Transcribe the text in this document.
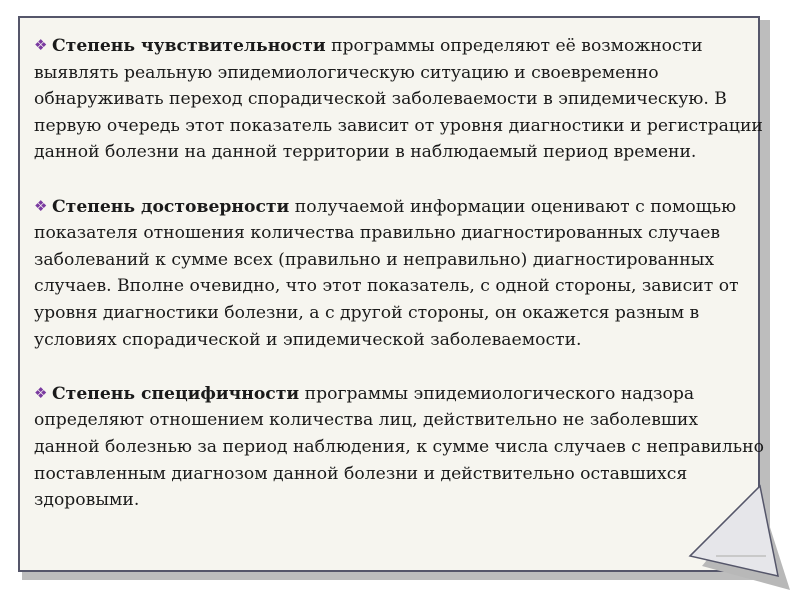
❖ Степень чувствительности программы определяют её возможности выявлять реальную эпидемиологическую ситуацию и своевременно обнаруживать переход спорадической заболеваемости в эпидемическую. В первую очередь этот показатель зависит от уровня диагностики и регистрации данной болезни на данной территории в наблюдаемый период времени.

❖ Степень достоверности получаемой информации оценивают с помощью показателя отношения количества правильно диагностированных случаев заболеваний к сумме всех (правильно и неправильно) диагностированных случаев. Вполне очевидно, что этот показатель, с одной стороны, зависит от уровня диагностики болезни, а с другой стороны, он окажется разным в условиях спорадической и эпидемической заболеваемости.

❖ Степень специфичности программы эпидемиологического надзора определяют отношением количества лиц, действительно не заболевших данной болезнью за период наблюдения, к сумме числа случаев с неправильно поставленным диагнозом данной болезни и действительно оставшихся здоровыми.
